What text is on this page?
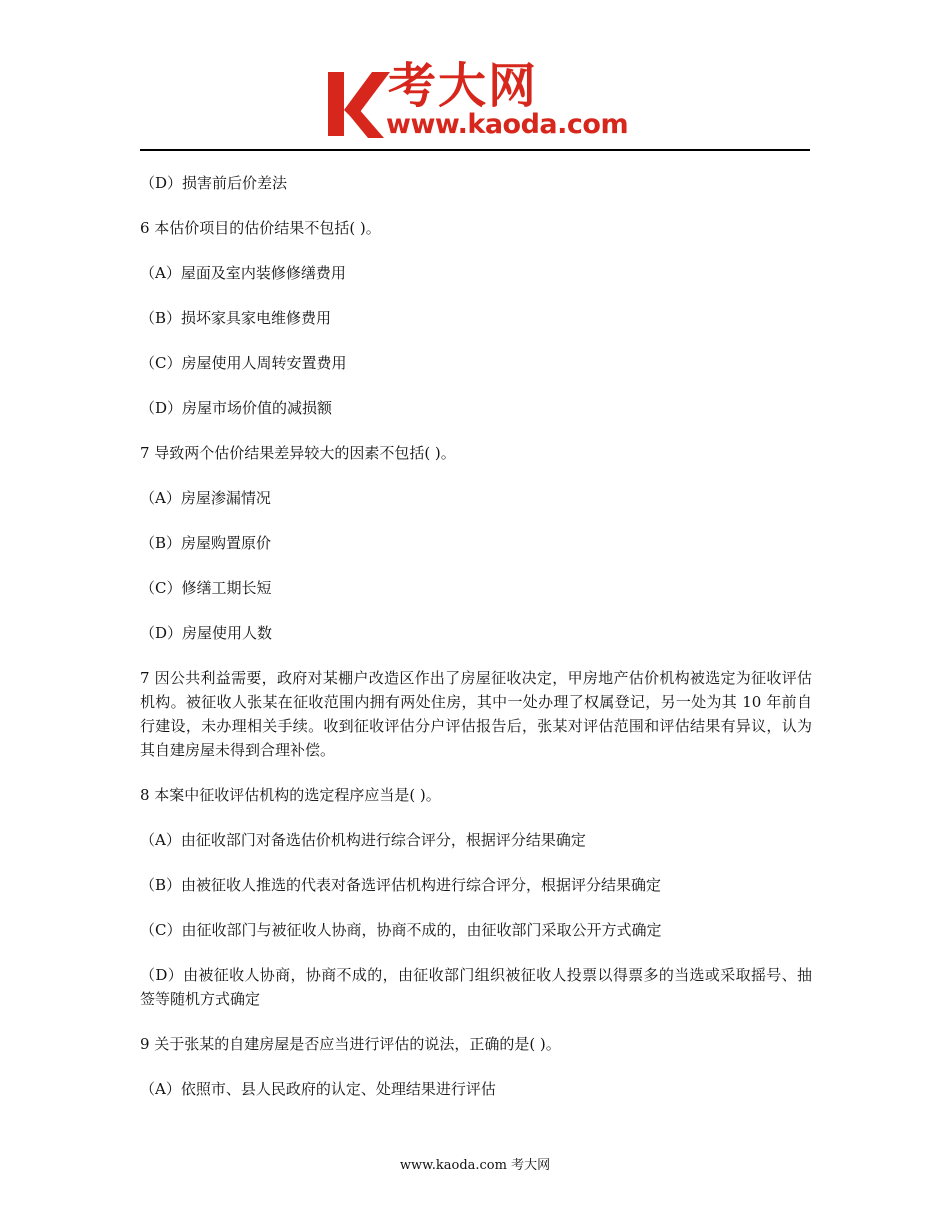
考大网
www.kaoda.com

（D）损害前后价差法

6 本估价项目的估价结果不包括( )。

（A）屋面及室内装修修缮费用

（B）损坏家具家电维修费用

（C）房屋使用人周转安置费用

（D）房屋市场价值的减损额

7 导致两个估价结果差异较大的因素不包括( )。

（A）房屋渗漏情况

（B）房屋购置原价

（C）修缮工期长短

（D）房屋使用人数

7 因公共利益需要，政府对某棚户改造区作出了房屋征收决定，甲房地产估价机构被选定为征收评估机构。被征收人张某在征收范围内拥有两处住房，其中一处办理了权属登记，另一处为其 10 年前自行建设，未办理相关手续。收到征收评估分户评估报告后，张某对评估范围和评估结果有异议，认为其自建房屋未得到合理补偿。

8 本案中征收评估机构的选定程序应当是( )。

（A）由征收部门对备选估价机构进行综合评分，根据评分结果确定

（B）由被征收人推选的代表对备选评估机构进行综合评分，根据评分结果确定

（C）由征收部门与被征收人协商，协商不成的，由征收部门采取公开方式确定

（D）由被征收人协商，协商不成的，由征收部门组织被征收人投票以得票多的当选或采取摇号、抽签等随机方式确定

9 关于张某的自建房屋是否应当进行评估的说法，正确的是( )。

（A）依照市、县人民政府的认定、处理结果进行评估

www.kaoda.com 考大网
